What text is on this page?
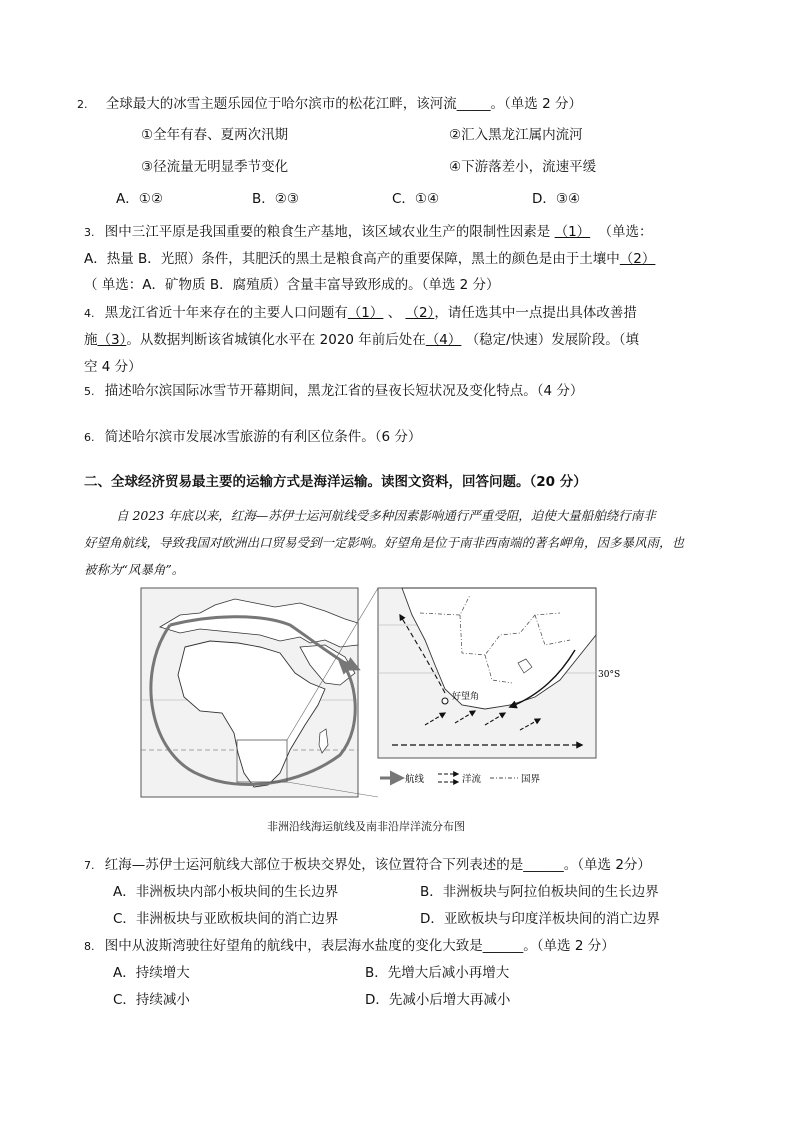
2. 全球最大的冰雪主题乐园位于哈尔滨市的松花江畔，该河流_____。（单选 2 分）
①全年有春、夏两次汛期	②汇入黑龙江属内流河
③径流量无明显季节变化	④下游落差小，流速平缓
A．①②	B．②③	C．①④	D．③④
3. 图中三江平原是我国重要的粮食生产基地，该区域农业生产的限制性因素是 （1） （单选：
A．热量 B．光照）条件，其肥沃的黑土是粮食高产的重要保障，黑土的颜色是由于土壤中（2）
（ 单选：A．矿物质 B．腐殖质）含量丰富导致形成的。（单选 2 分）
4. 黑龙江省近十年来存在的主要人口问题有（1） 、 （2），请任选其中一点提出具体改善措
施（3）。从数据判断该省城镇化水平在 2020 年前后处在（4） （稳定/快速）发展阶段。（填
空 4 分）
5. 描述哈尔滨国际冰雪节开幕期间，黑龙江省的昼夜长短状况及变化特点。（4 分）
6. 简述哈尔滨市发展冰雪旅游的有利区位条件。（6 分）
二、全球经济贸易最主要的运输方式是海洋运输。读图文资料，回答问题。（20 分）
自 2023 年底以来，红海—苏伊士运河航线受多种因素影响通行严重受阻，迫使大量船舶绕行南非
好望角航线，导致我国对欧洲出口贸易受到一定影响。好望角是位于南非西南端的著名岬角，因多暴风雨，也
被称为“风暴角”。
好望角
30°S
航线	洋流	国界
非洲沿线海运航线及南非沿岸洋流分布图
7. 红海—苏伊士运河航线大部位于板块交界处，该位置符合下列表述的是______。（单选 2分）
A．非洲板块内部小板块间的生长边界	B．非洲板块与阿拉伯板块间的生长边界
C．非洲板块与亚欧板块间的消亡边界	D．亚欧板块与印度洋板块间的消亡边界
8. 图中从波斯湾驶往好望角的航线中，表层海水盐度的变化大致是______。（单选 2 分）
A．持续增大	B．先增大后减小再增大
C．持续减小	D．先减小后增大再减小
